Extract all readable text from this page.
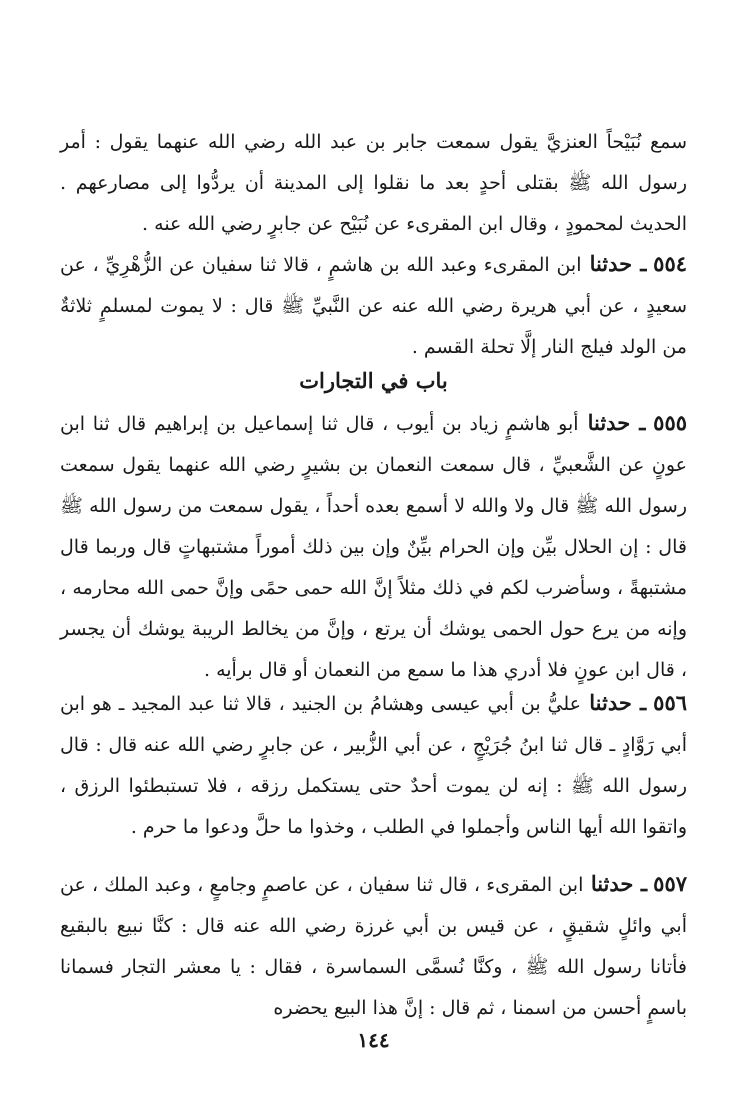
سمع نُبَيْحاً العنزيَّ يقول سمعت جابر بن عبد الله رضي الله عنهما يقول : أمر رسول الله ﷺ بقتلى أحدٍ بعد ما نقلوا إلى المدينة أن يردُّوا إلى مصارعهم . الحديث لمحمودٍ ، وقال ابن المقرىء عن نُبَيْح عن جابرٍ رضي الله عنه .

٥٥٤ ـ حدثنا ابن المقرىء وعبد الله بن هاشمٍ ، قالا ثنا سفيان عن الزُّهْرِيِّ ، عن سعيدٍ ، عن أبي هريرة رضي الله عنه عن النَّبيِّ ﷺ قال : لا يموت لمسلمٍ ثلاثةٌ من الولد فيلج النار إلَّا تحلة القسم .

باب في التجارات

٥٥٥ ـ حدثنا أبو هاشمٍ زياد بن أيوب ، قال ثنا إسماعيل بن إبراهيم قال ثنا ابن عونٍ عن الشَّعبيِّ ، قال سمعت النعمان بن بشيرٍ رضي الله عنهما يقول سمعت رسول الله ﷺ قال ولا والله لا أسمع بعده أحداً ، يقول سمعت من رسول الله ﷺ قال : إن الحلال بيِّن وإن الحرام بيِّنٌ وإن بين ذلك أموراً مشتبهاتٍ قال وربما قال مشتبهةً ، وسأضرب لكم في ذلك مثلاً إنَّ الله حمى حمًى وإنَّ حمى الله محارمه ، وإنه من يرع حول الحمى يوشك أن يرتع ، وإنَّ من يخالط الريبة يوشك أن يجسر ، قال ابن عونٍ فلا أدري هذا ما سمع من النعمان أو قال برأيه .

٥٥٦ ـ حدثنا عليُّ بن أبي عيسى وهشامُ بن الجنيد ، قالا ثنا عبد المجيد ـ هو ابن أبي رَوَّادٍ ـ قال ثنا ابنُ جُرَيْجٍ ، عن أبي الزُّبير ، عن جابرٍ رضي الله عنه قال : قال رسول الله ﷺ : إنه لن يموت أحدٌ حتى يستكمل رزقه ، فلا تستبطئوا الرزق ، واتقوا الله أيها الناس وأجملوا في الطلب ، وخذوا ما حلَّ ودعوا ما حرم .

٥٥٧ ـ حدثنا ابن المقرىء ، قال ثنا سفيان ، عن عاصمٍ وجامعٍ ، وعبد الملك ، عن أبي وائلٍ شقيقٍ ، عن قيس بن أبي غرزة رضي الله عنه قال : كنَّا نبيع بالبقيع فأتانا رسول الله ﷺ ، وكنَّا نُسمَّى السماسرة ، فقال : يا معشر التجار فسمانا باسمٍ أحسن من اسمنا ، ثم قال : إنَّ هذا البيع يحضره

١٤٤
